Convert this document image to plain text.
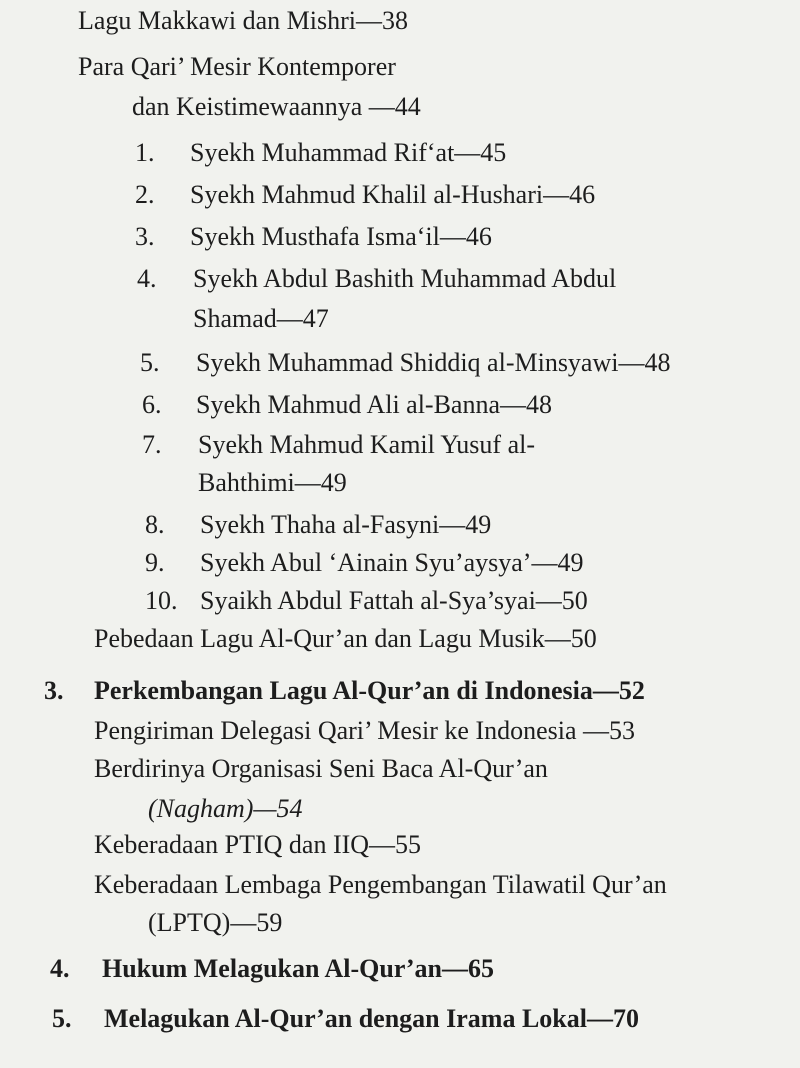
Lagu Makkawi dan Mishri—38
Para Qari’ Mesir Kontemporer
dan Keistimewaannya —44
1. Syekh Muhammad Rif‘at—45
2. Syekh Mahmud Khalil al-Hushari—46
3. Syekh Musthafa Isma‘il—46
4. Syekh Abdul Bashith Muhammad Abdul
Shamad—47
5. Syekh Muhammad Shiddiq al-Minsyawi—48
6. Syekh Mahmud Ali al-Banna—48
7. Syekh Mahmud Kamil Yusuf al-
Bahthimi—49
8. Syekh Thaha al-Fasyni—49
9. Syekh Abul ‘Ainain Syu’aysya’—49
10. Syaikh Abdul Fattah al-Sya’syai—50
Pebedaan Lagu Al-Qur’an dan Lagu Musik—50
3. Perkembangan Lagu Al-Qur’an di Indonesia—52
Pengiriman Delegasi Qari’ Mesir ke Indonesia —53
Berdirinya Organisasi Seni Baca Al-Qur’an
(Nagham)—54
Keberadaan PTIQ dan IIQ—55
Keberadaan Lembaga Pengembangan Tilawatil Qur’an
(LPTQ)—59
4. Hukum Melagukan Al-Qur’an—65
5. Melagukan Al-Qur’an dengan Irama Lokal—70
